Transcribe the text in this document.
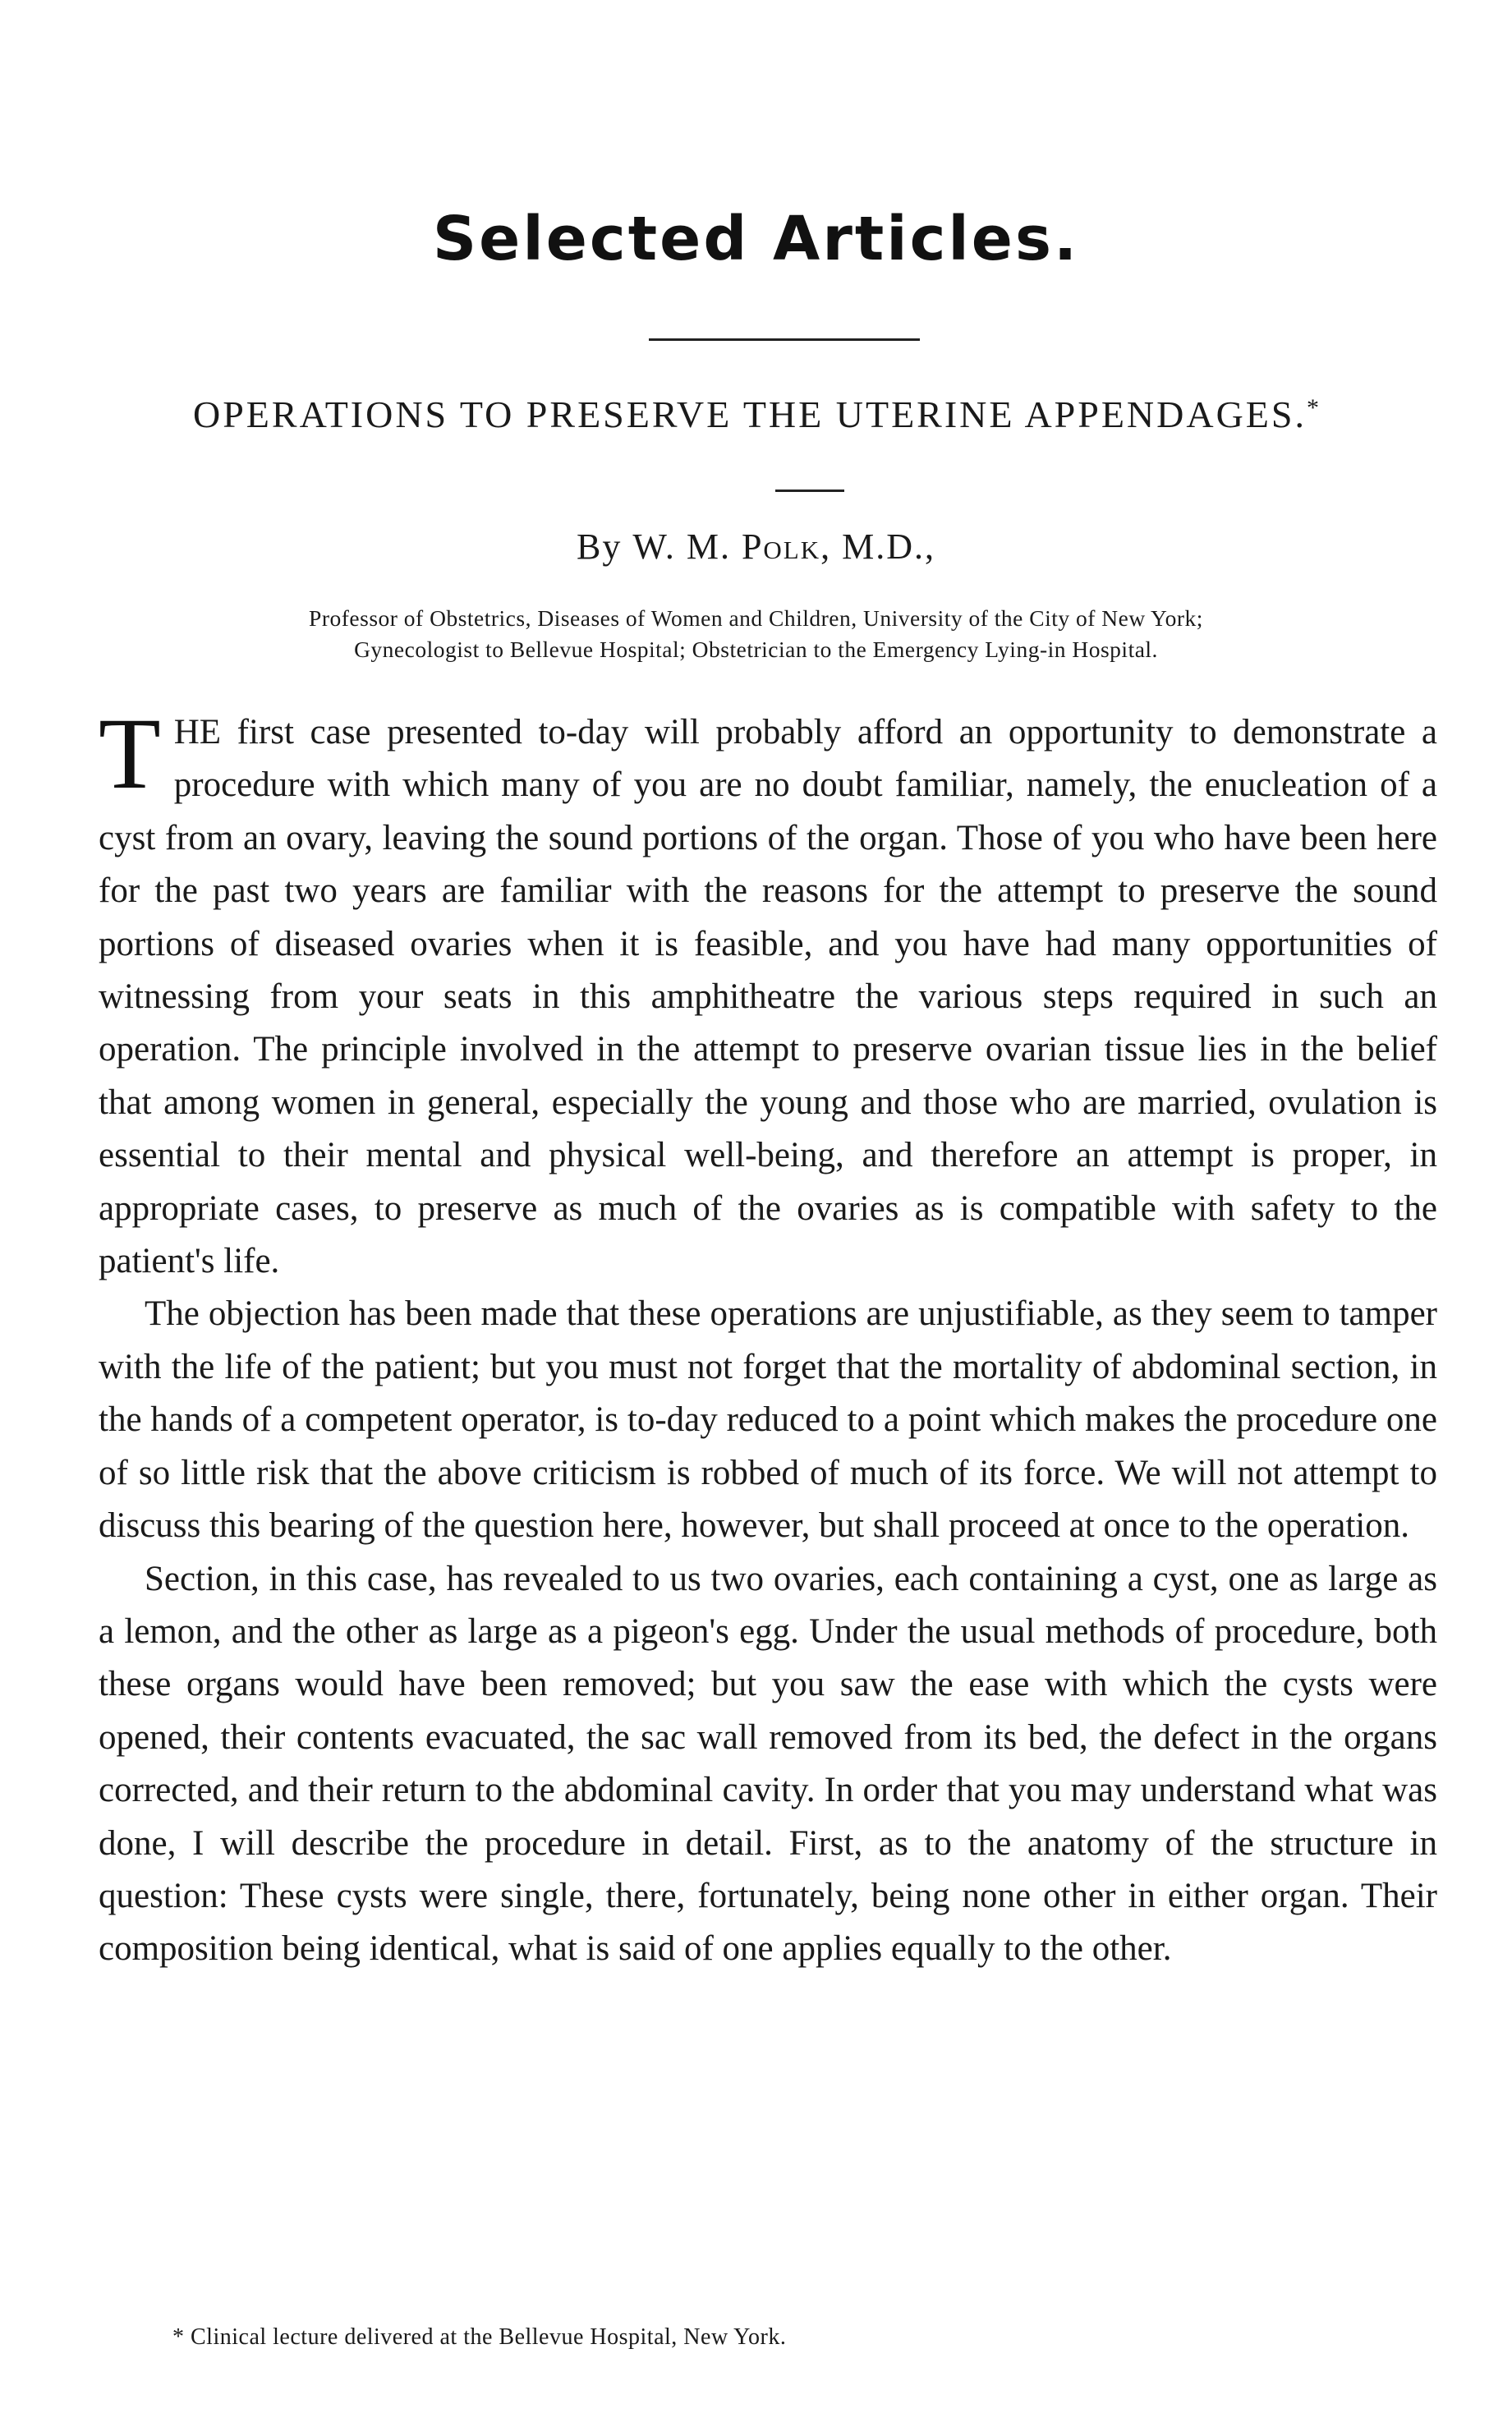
Selected Articles.
OPERATIONS TO PRESERVE THE UTERINE APPENDAGES.*
By W. M. Polk, M.D.,
Professor of Obstetrics, Diseases of Women and Children, University of the City of New York;
Gynecologist to Bellevue Hospital; Obstetrician to the Emergency Lying-in Hospital.

THE first case presented to-day will probably afford an opportunity to demonstrate a procedure with which many of you are no doubt familiar, namely, the enucleation of a cyst from an ovary, leaving the sound portions of the organ. Those of you who have been here for the past two years are familiar with the reasons for the attempt to preserve the sound portions of diseased ovaries when it is feasible, and you have had many opportunities of witnessing from your seats in this amphitheatre the various steps required in such an operation. The principle involved in the attempt to preserve ovarian tissue lies in the belief that among women in general, especially the young and those who are married, ovulation is essential to their mental and physical well-being, and therefore an attempt is proper, in appropriate cases, to preserve as much of the ovaries as is compatible with safety to the patient's life.

The objection has been made that these operations are unjustifiable, as they seem to tamper with the life of the patient; but you must not forget that the mortality of abdominal section, in the hands of a competent operator, is to-day reduced to a point which makes the procedure one of so little risk that the above criticism is robbed of much of its force. We will not attempt to discuss this bearing of the question here, however, but shall proceed at once to the operation.

Section, in this case, has revealed to us two ovaries, each containing a cyst, one as large as a lemon, and the other as large as a pigeon's egg. Under the usual methods of procedure, both these organs would have been removed; but you saw the ease with which the cysts were opened, their contents evacuated, the sac wall removed from its bed, the defect in the organs corrected, and their return to the abdominal cavity. In order that you may understand what was done, I will describe the procedure in detail. First, as to the anatomy of the structure in question: These cysts were single, there, fortunately, being none other in either organ. Their composition being identical, what is said of one applies equally to the other.

* Clinical lecture delivered at the Bellevue Hospital, New York.
